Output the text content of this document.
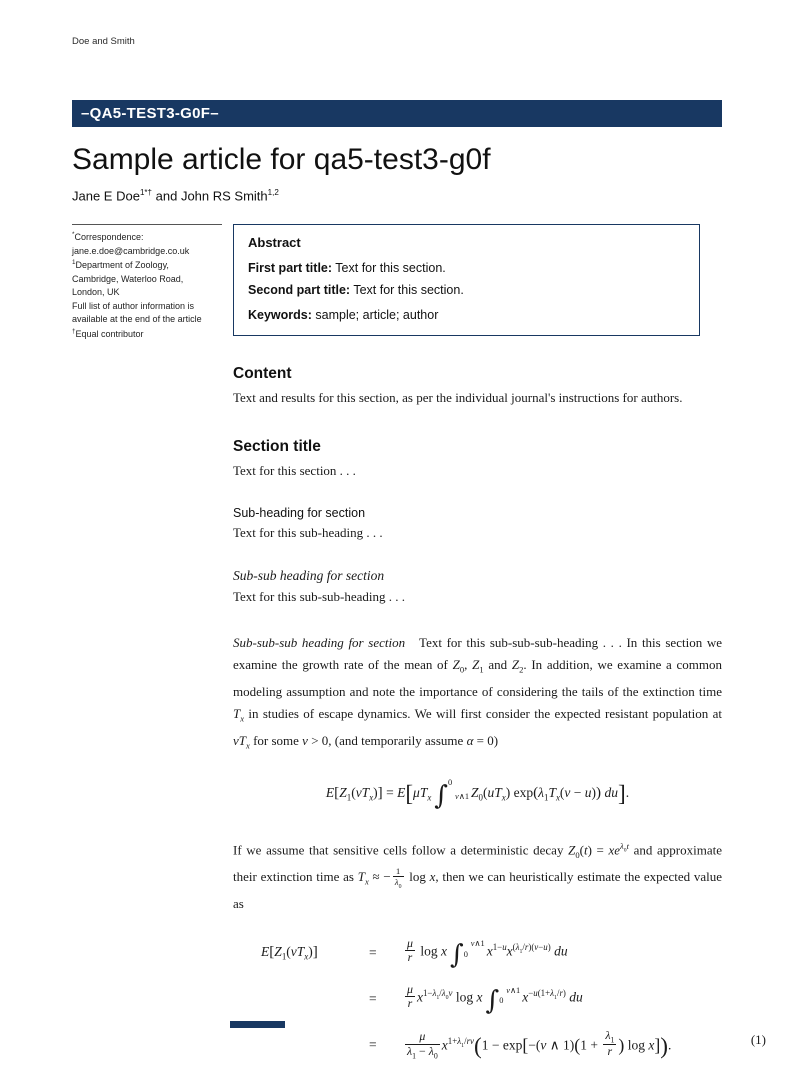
Doe and Smith
–QA5-TEST3-G0F–
Sample article for qa5-test3-g0f
Jane E Doe$^{1*\dagger}$ and John RS Smith$^{1,2}$
*Correspondence:
jane.e.doe@cambridge.co.uk
$^1$Department of Zoology,
Cambridge, Waterloo Road,
London, UK
Full list of author information is
available at the end of the article
†Equal contributor
Abstract
First part title: Text for this section.
Second part title: Text for this section.
Keywords: sample; article; author
Content

Text and results for this section, as per the individual journal's instructions for authors.

Section title

Text for this section . . .

Sub-heading for section

Text for this sub-heading . . .

Sub-sub heading for section

Text for this sub-sub-heading . . .

Sub-sub-sub heading for section   Text for this sub-sub-sub-heading . . . In this section we examine the growth rate of the mean of $Z_0$, $Z_1$ and $Z_2$. In addition, we examine a common modeling assumption and note the importance of considering the tails of the extinction time $T_x$ in studies of escape dynamics. We will first consider the expected resistant population at $vT_x$ for some v > 0, (and temporarily assume α = 0)

$E[Z_1(vT_x)] = E[\mu T_x$ ∫ v∧1
0
$Z_0(uT_x) \exp(\lambda_1T_x(v - u))$ du].

If we assume that sensitive cells follow a deterministic decay $Z_0(t) = xe^{\lambda_0t}$ and approximate their extinction time as $T_x$ ≈ − $\frac{1}{\lambda_0}$ log x, then we can heuristically estimate the expected value as

$E[Z_1(vT_x)]$	=	$\frac{\mu}{r}$ log x ∫ v∧1
0 $x^{1-u}x^{(\lambda_1/r)(v-u)}$ du
=	$\frac{\mu}{r} x^{1-\lambda_1/\lambda_0v}$ log x ∫ v∧1
0 $x^{-u(1+\lambda_1/r)}$ du
=	$\frac{\mu}{\lambda_1 - \lambda_0} x^{1+\lambda_1/rv}(1 - \exp[-(v$ ∧ $1)(1 + \frac{\lambda_1}{r}$ ) log x]).	(1)
